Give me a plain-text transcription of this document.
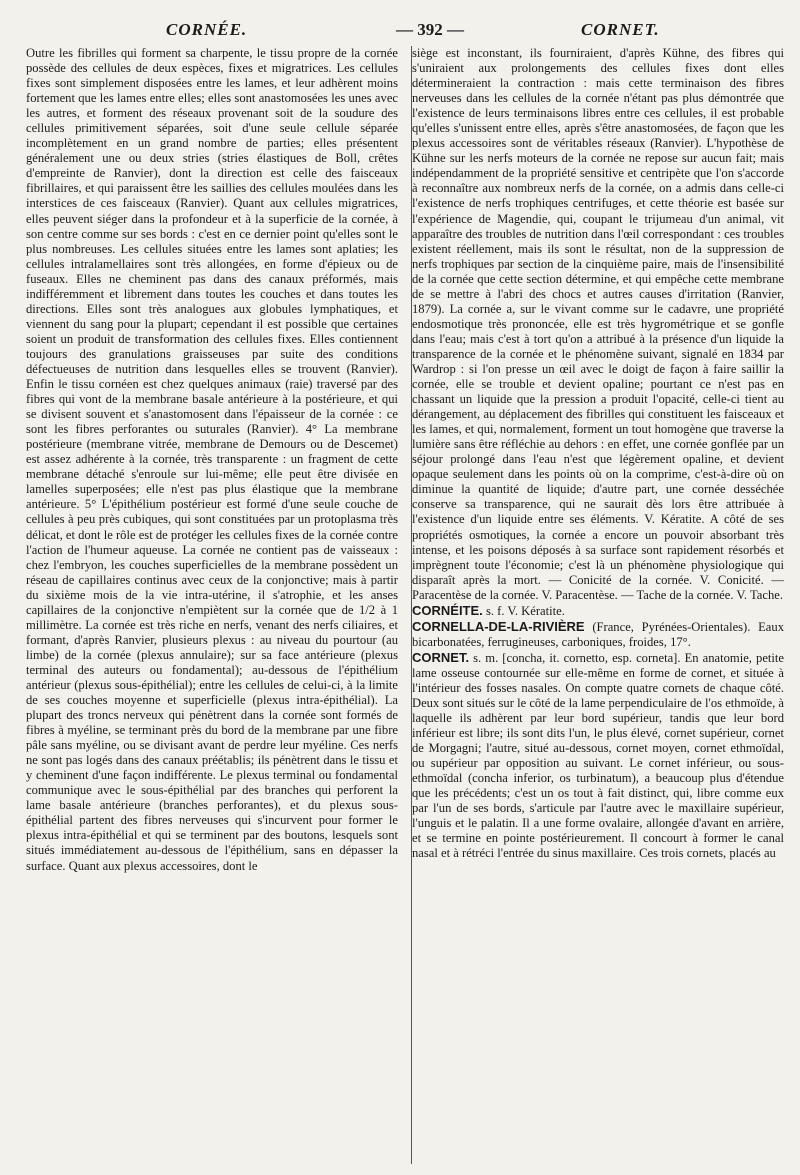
CORNÉE.	— 392 —	CORNET.

Outre les fibrilles qui forment sa charpente, le tissu propre de la cornée possède des cellules de deux espèces, fixes et migratrices. Les cellules fixes sont simplement disposées entre les lames, et leur adhèrent moins fortement que les lames entre elles; elles sont anastomosées les unes avec les autres, et forment des réseaux provenant soit de la soudure des cellules primitivement séparées, soit d'une seule cellule séparée incomplètement en un grand nombre de parties; elles présentent généralement une ou deux stries (stries élastiques de Boll, crêtes d'empreinte de Ranvier), dont la direction est celle des faisceaux fibrillaires, et qui paraissent être les saillies des cellules moulées dans les interstices de ces faisceaux (Ranvier). Quant aux cellules migratrices, elles peuvent siéger dans la profondeur et à la superficie de la cornée, à son centre comme sur ses bords : c'est en ce dernier point qu'elles sont le plus nombreuses. Les cellules situées entre les lames sont aplaties; les cellules intralamellaires sont très allongées, en forme d'épieux ou de fuseaux. Elles ne cheminent pas dans des canaux préformés, mais indifféremment et librement dans toutes les couches et dans toutes les directions. Elles sont très analogues aux globules lymphatiques, et viennent du sang pour la plupart; cependant il est possible que certaines soient un produit de transformation des cellules fixes. Elles contiennent toujours des granulations graisseuses par suite des conditions défectueuses de nutrition dans lesquelles elles se trouvent (Ranvier). Enfin le tissu cornéen est chez quelques animaux (raie) traversé par des fibres qui vont de la membrane basale antérieure à la postérieure, et qui se divisent souvent et s'anastomosent dans l'épaisseur de la cornée : ce sont les fibres perforantes ou suturales (Ranvier). 4° La membrane postérieure (membrane vitrée, membrane de Demours ou de Descemet) est assez adhérente à la cornée, très transparente : un fragment de cette membrane détaché s'enroule sur lui-même; elle peut être divisée en lamelles superposées; elle n'est pas plus élastique que la membrane antérieure. 5° L'épithélium postérieur est formé d'une seule couche de cellules à peu près cubiques, qui sont constituées par un protoplasma très délicat, et dont le rôle est de protéger les cellules fixes de la cornée contre l'action de l'humeur aqueuse. La cornée ne contient pas de vaisseaux : chez l'embryon, les couches superficielles de la membrane possèdent un réseau de capillaires continus avec ceux de la conjonctive; mais à partir du sixième mois de la vie intra-utérine, il s'atrophie, et les anses capillaires de la conjonctive n'empiètent sur la cornée que de 1/2 à 1 millimètre. La cornée est très riche en nerfs, venant des nerfs ciliaires, et formant, d'après Ranvier, plusieurs plexus : au niveau du pourtour (au limbe) de la cornée (plexus annulaire); sur sa face antérieure (plexus terminal des auteurs ou fondamental); au-dessous de l'épithélium antérieur (plexus sous-épithélial); entre les cellules de celui-ci, à la limite de ses couches moyenne et superficielle (plexus intra-épithélial). La plupart des troncs nerveux qui pénètrent dans la cornée sont formés de fibres à myéline, se terminant près du bord de la membrane par une fibre pâle sans myéline, ou se divisant avant de perdre leur myéline. Ces nerfs ne sont pas logés dans des canaux préétablis; ils pénètrent dans le tissu et y cheminent d'une façon indifférente. Le plexus terminal ou fondamental communique avec le sous-épithélial par des branches qui perforent la lame basale antérieure (branches perforantes), et du plexus sous-épithélial partent des fibres nerveuses qui s'incurvent pour former le plexus intra-épithélial et qui se terminent par des boutons, lesquels sont situés immédiatement au-dessous de l'épithélium, sans en dépasser la surface. Quant aux plexus accessoires, dont le

siège est inconstant, ils fourniraient, d'après Kühne, des fibres qui s'uniraient aux prolongements des cellules fixes dont elles détermineraient la contraction : mais cette terminaison des fibres nerveuses dans les cellules de la cornée n'étant pas plus démontrée que l'existence de leurs terminaisons libres entre ces cellules, il est probable qu'elles s'unissent entre elles, après s'être anastomosées, de façon que les plexus accessoires sont de véritables réseaux (Ranvier). L'hypothèse de Kühne sur les nerfs moteurs de la cornée ne repose sur aucun fait; mais indépendamment de la propriété sensitive et centripète que l'on s'accorde à reconnaître aux nombreux nerfs de la cornée, on a admis dans celle-ci l'existence de nerfs trophiques centrifuges, et cette théorie est basée sur l'expérience de Magendie, qui, coupant le trijumeau d'un animal, vit apparaître des troubles de nutrition dans l'œil correspondant : ces troubles existent réellement, mais ils sont le résultat, non de la suppression de nerfs trophiques par section de la cinquième paire, mais de l'insensibilité de la cornée que cette section détermine, et qui empêche cette membrane de se mettre à l'abri des chocs et autres causes d'irritation (Ranvier, 1879). La cornée a, sur le vivant comme sur le cadavre, une propriété endosmotique très prononcée, elle est très hygrométrique et se gonfle dans l'eau; mais c'est à tort qu'on a attribué à la présence d'un liquide la transparence de la cornée et le phénomène suivant, signalé en 1834 par Wardrop : si l'on presse un œil avec le doigt de façon à faire saillir la cornée, elle se trouble et devient opaline; pourtant ce n'est pas en chassant un liquide que la pression a produit l'opacité, celle-ci tient au dérangement, au déplacement des fibrilles qui constituent les faisceaux et les lames, et qui, normalement, forment un tout homogène que traverse la lumière sans être réfléchie au dehors : en effet, une cornée gonflée par un séjour prolongé dans l'eau n'est que légèrement opaline, et devient opaque seulement dans les points où on la comprime, c'est-à-dire où on diminue la quantité de liquide; d'autre part, une cornée desséchée conserve sa transparence, qui ne saurait dès lors être attribuée à l'existence d'un liquide entre ses éléments. V. Kératite. A côté de ses propriétés osmotiques, la cornée a encore un pouvoir absorbant très intense, et les poisons déposés à sa surface sont rapidement résorbés et imprègnent toute l'économie; c'est là un phénomène physiologique qui disparaît après la mort. — Conicité de la cornée. V. Conicité. — Paracentèse de la cornée. V. Paracentèse. — Tache de la cornée. V. Tache.

CORNÉITE. s. f. V. Kératite.

CORNELLA-DE-LA-RIVIÈRE (France, Pyrénées-Orientales). Eaux bicarbonatées, ferrugineuses, carboniques, froides, 17°.

CORNET. s. m. [concha, it. cornetto, esp. corneta]. En anatomie, petite lame osseuse contournée sur elle-même en forme de cornet, et située à l'intérieur des fosses nasales. On compte quatre cornets de chaque côté. Deux sont situés sur le côté de la lame perpendiculaire de l'os ethmoïde, à laquelle ils adhèrent par leur bord supérieur, tandis que leur bord inférieur est libre; ils sont dits l'un, le plus élevé, cornet supérieur, cornet de Morgagni; l'autre, situé au-dessous, cornet moyen, cornet ethmoïdal, ou supérieur par opposition au suivant. Le cornet inférieur, ou sous-ethmoïdal (concha inferior, os turbinatum), a beaucoup plus d'étendue que les précédents; c'est un os tout à fait distinct, qui, libre comme eux par l'un de ses bords, s'articule par l'autre avec le maxillaire supérieur, l'unguis et le palatin. Il a une forme ovalaire, allongée d'avant en arrière, et se termine en pointe postérieurement. Il concourt à former le canal nasal et à rétréci l'entrée du sinus maxillaire. Ces trois cornets, placés au
